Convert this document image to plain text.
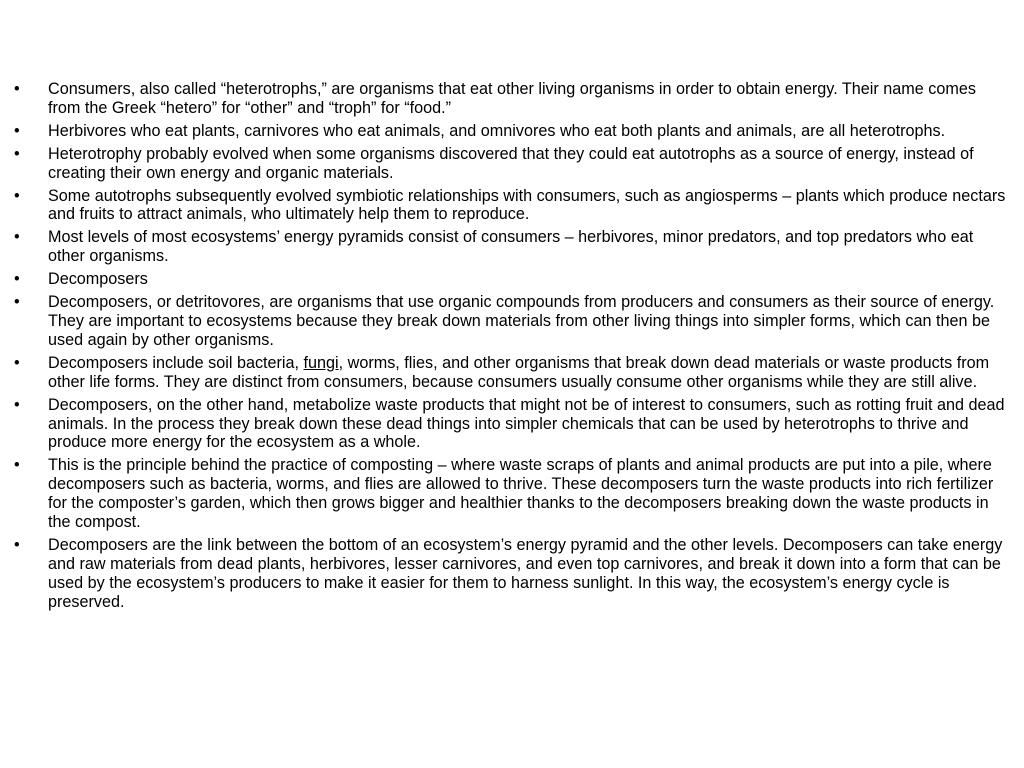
•	Consumers, also called “heterotrophs,” are organisms that eat other living organisms in order to obtain energy. Their name comes from the Greek “hetero” for “other” and “troph” for “food.”
•	Herbivores who eat plants, carnivores who eat animals, and omnivores who eat both plants and animals, are all heterotrophs.
•	Heterotrophy probably evolved when some organisms discovered that they could eat autotrophs as a source of energy, instead of creating their own energy and organic materials.
•	Some autotrophs subsequently evolved symbiotic relationships with consumers, such as angiosperms – plants which produce nectars and fruits to attract animals, who ultimately help them to reproduce.
•	Most levels of most ecosystems’ energy pyramids consist of consumers – herbivores, minor predators, and top predators who eat other organisms.
•	Decomposers
•	Decomposers, or detritovores, are organisms that use organic compounds from producers and consumers as their source of energy. They are important to ecosystems because they break down materials from other living things into simpler forms, which can then be used again by other organisms.
•	Decomposers include soil bacteria, fungi, worms, flies, and other organisms that break down dead materials or waste products from other life forms. They are distinct from consumers, because consumers usually consume other organisms while they are still alive.
•	Decomposers, on the other hand, metabolize waste products that might not be of interest to consumers, such as rotting fruit and dead animals. In the process they break down these dead things into simpler chemicals that can be used by heterotrophs to thrive and produce more energy for the ecosystem as a whole.
•	This is the principle behind the practice of composting – where waste scraps of plants and animal products are put into a pile, where decomposers such as bacteria, worms, and flies are allowed to thrive. These decomposers turn the waste products into rich fertilizer for the composter’s garden, which then grows bigger and healthier thanks to the decomposers breaking down the waste products in the compost.
•	Decomposers are the link between the bottom of an ecosystem’s energy pyramid and the other levels. Decomposers can take energy and raw materials from dead plants, herbivores, lesser carnivores, and even top carnivores, and break it down into a form that can be used by the ecosystem’s producers to make it easier for them to harness sunlight. In this way, the ecosystem’s energy cycle is preserved.
